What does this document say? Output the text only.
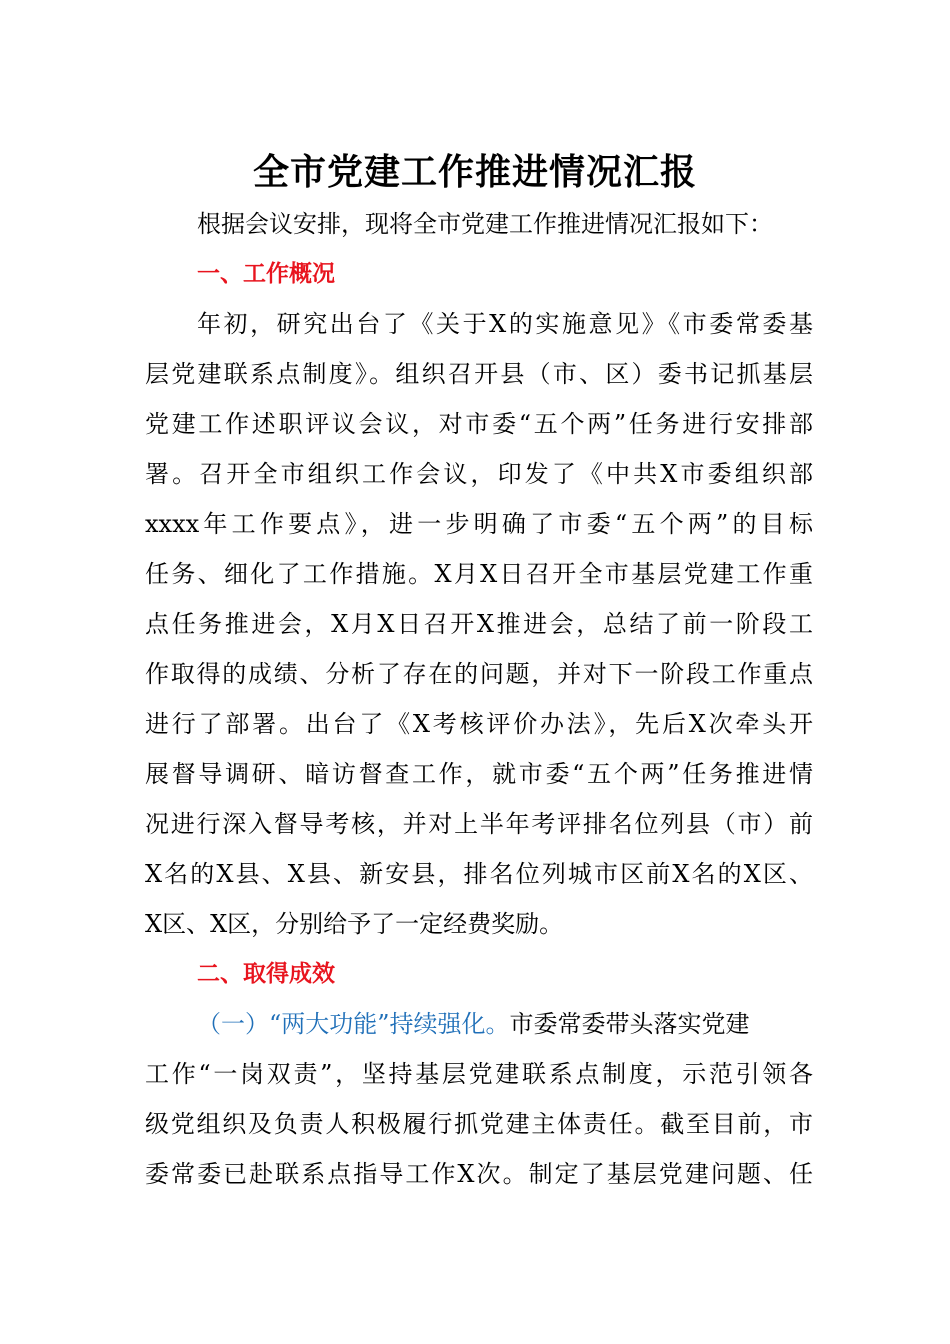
全市党建工作推进情况汇报
根据会议安排，现将全市党建工作推进情况汇报如下：
一、工作概况
年初，研究出台了《关于X的实施意见》《市委常委基
层党建联系点制度》。组织召开县（市、区）委书记抓基层
党建工作述职评议会议，对市委“五个两”任务进行安排部
署。召开全市组织工作会议，印发了《中共X市委组织部
xxxx年工作要点》，进一步明确了市委“五个两”的目标
任务、细化了工作措施。X月X日召开全市基层党建工作重
点任务推进会，X月X日召开X推进会，总结了前一阶段工
作取得的成绩、分析了存在的问题，并对下一阶段工作重点
进行了部署。出台了《X考核评价办法》，先后X次牵头开
展督导调研、暗访督查工作，就市委“五个两”任务推进情
况进行深入督导考核，并对上半年考评排名位列县（市）前
X名的X县、X县、新安县，排名位列城市区前X名的X区、
X区、X区，分别给予了一定经费奖励。
二、取得成效
（一）“两大功能”持续强化。市委常委带头落实党建
工作“一岗双责”，坚持基层党建联系点制度，示范引领各
级党组织及负责人积极履行抓党建主体责任。截至目前，市
委常委已赴联系点指导工作X次。制定了基层党建问题、任
